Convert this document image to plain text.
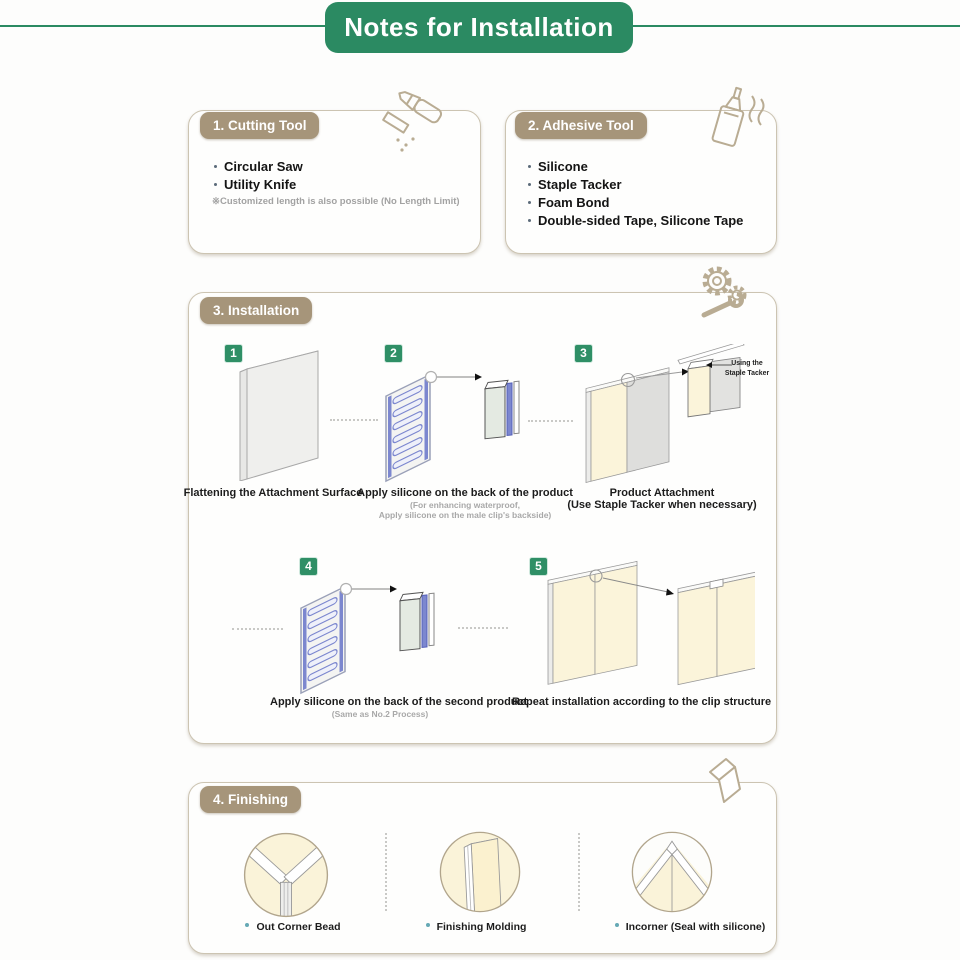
Notes for Installation
1. Cutting Tool
Circular Saw
Utility Knife
※Customized length is also possible (No Length Limit)
2. Adhesive Tool
Silicone
Staple Tacker
Foam Bond
Double-sided Tape, Silicone Tape
3. Installation
1	2	3
4	5
Using the Staple Tacker
Flattening the Attachment Surface
Apply silicone on the back of the product
(For enhancing waterproof,
Apply silicone on the male clip's backside)
Product Attachment
(Use Staple Tacker when necessary)
Apply silicone on the back of the second product
(Same as No.2 Process)
Repeat installation according to the clip structure
4. Finishing
Out Corner Bead	Finishing Molding	Incorner (Seal with silicone)
